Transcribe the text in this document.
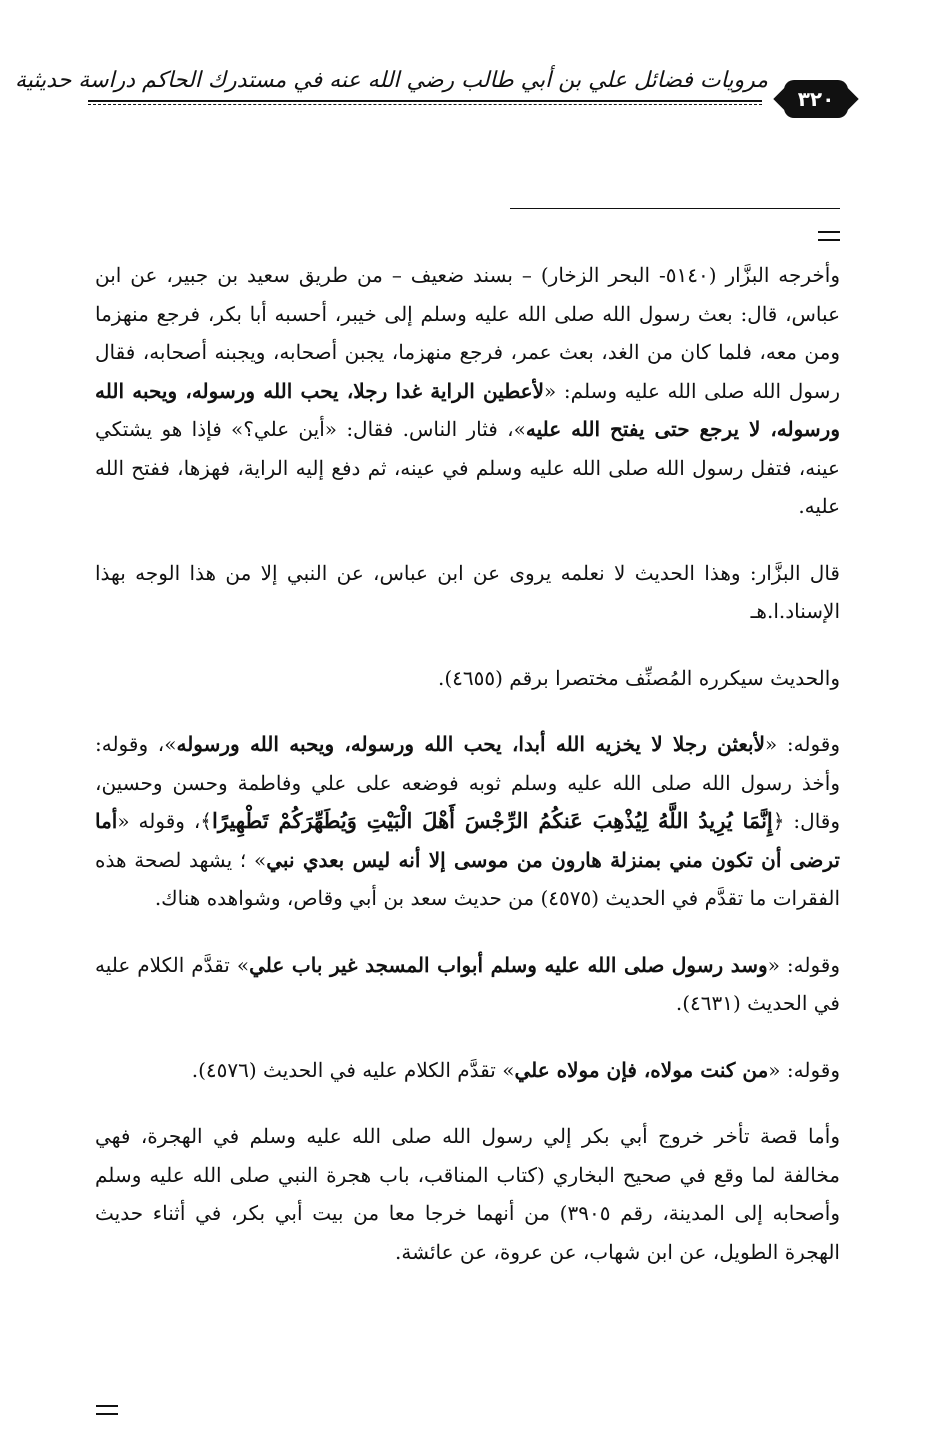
مرويات فضائل علي بن أبي طالب رضي الله عنه في مستدرك الحاكم دراسة حديثية
٣٢٠

وأخرجه البزَّار (٥١٤٠- البحر الزخار) – بسند ضعيف – من طريق سعيد بن جبير، عن ابن عباس، قال: بعث رسول الله صلى الله عليه وسلم إلى خيبر، أحسبه أبا بكر، فرجع منهزما ومن معه، فلما كان من الغد، بعث عمر، فرجع منهزما، يجبن أصحابه، ويجبنه أصحابه، فقال رسول الله صلى الله عليه وسلم: «لأعطين الراية غدا رجلا، يحب الله ورسوله، ويحبه الله ورسوله، لا يرجع حتى يفتح الله عليه»، فثار الناس. فقال: «أين علي؟» فإذا هو يشتكي عينه، فتفل رسول الله صلى الله عليه وسلم في عينه، ثم دفع إليه الراية، فهزها، ففتح الله عليه.

قال البزَّار: وهذا الحديث لا نعلمه يروى عن ابن عباس، عن النبي إلا من هذا الوجه بهذا الإسناد.ا.هـ

والحديث سيكرره المُصنِّف مختصرا برقم (٤٦٥٥).

وقوله: «لأبعثن رجلا لا يخزيه الله أبدا، يحب الله ورسوله، ويحبه الله ورسوله»، وقوله: وأخذ رسول الله صلى الله عليه وسلم ثوبه فوضعه على علي وفاطمة وحسن وحسين، وقال: ﴿إِنَّمَا يُرِيدُ اللَّهُ لِيُذْهِبَ عَنكُمُ الرِّجْسَ أَهْلَ الْبَيْتِ وَيُطَهِّرَكُمْ تَطْهِيرًا﴾، وقوله «أما ترضى أن تكون مني بمنزلة هارون من موسى إلا أنه ليس بعدي نبي» ؛ يشهد لصحة هذه الفقرات ما تقدَّم في الحديث (٤٥٧٥) من حديث سعد بن أبي وقاص، وشواهده هناك.

وقوله: «وسد رسول صلى الله عليه وسلم أبواب المسجد غير باب علي» تقدَّم الكلام عليه في الحديث (٤٦٣١).

وقوله: «من كنت مولاه، فإن مولاه علي» تقدَّم الكلام عليه في الحديث (٤٥٧٦).

وأما قصة تأخر خروج أبي بكر إلي رسول الله صلى الله عليه وسلم في الهجرة، فهي مخالفة لما وقع في صحيح البخاري (كتاب المناقب، باب هجرة النبي صلى الله عليه وسلم وأصحابه إلى المدينة، رقم ٣٩٠٥) من أنهما خرجا معا من بيت أبي بكر، في أثناء حديث الهجرة الطويل، عن ابن شهاب، عن عروة، عن عائشة.
